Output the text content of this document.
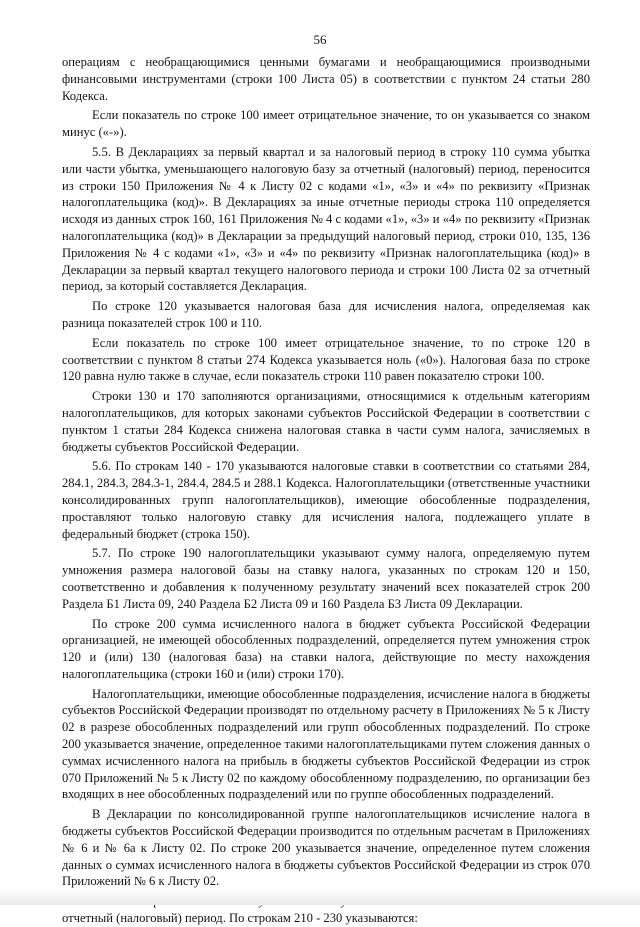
56

операциям с необращающимися ценными бумагами и необращающимися производными финансовыми инструментами (строки 100 Листа 05) в соответствии с пунктом 24 статьи 280 Кодекса.

Если показатель по строке 100 имеет отрицательное значение, то он указывается со знаком минус («-»).

5.5. В Декларациях за первый квартал и за налоговый период в строку 110 сумма убытка или части убытка, уменьшающего налоговую базу за отчетный (налоговый) период, переносится из строки 150 Приложения № 4 к Листу 02 с кодами «1», «3» и «4» по реквизиту «Признак налогоплательщика (код)». В Декларациях за иные отчетные периоды строка 110 определяется исходя из данных строк 160, 161 Приложения № 4 с кодами «1», «3» и «4» по реквизиту «Признак налогоплательщика (код)» в Декларации за предыдущий налоговый период, строки 010, 135, 136 Приложения № 4 с кодами «1», «3» и «4» по реквизиту «Признак налогоплательщика (код)» в Декларации за первый квартал текущего налогового периода и строки 100 Листа 02 за отчетный период, за который составляется Декларация.

По строке 120 указывается налоговая база для исчисления налога, определяемая как разница показателей строк 100 и 110.

Если показатель по строке 100 имеет отрицательное значение, то по строке 120 в соответствии с пунктом 8 статьи 274 Кодекса указывается ноль («0»). Налоговая база по строке 120 равна нулю также в случае, если показатель строки 110 равен показателю строки 100.

Строки 130 и 170 заполняются организациями, относящимися к отдельным категориям налогоплательщиков, для которых законами субъектов Российской Федерации в соответствии с пунктом 1 статьи 284 Кодекса снижена налоговая ставка в части сумм налога, зачисляемых в бюджеты субъектов Российской Федерации.

5.6. По строкам 140 - 170 указываются налоговые ставки в соответствии со статьями 284, 284.1, 284.3, 284.3-1, 284.4, 284.5 и 288.1 Кодекса. Налогоплательщики (ответственные участники консолидированных групп налогоплательщиков), имеющие обособленные подразделения, проставляют только налоговую ставку для исчисления налога, подлежащего уплате в федеральный бюджет (строка 150).

5.7. По строке 190 налогоплательщики указывают сумму налога, определяемую путем умножения размера налоговой базы на ставку налога, указанных по строкам 120 и 150, соответственно и добавления к полученному результату значений всех показателей строк 200 Раздела Б1 Листа 09, 240 Раздела Б2 Листа 09 и 160 Раздела Б3 Листа 09 Декларации.

По строке 200 сумма исчисленного налога в бюджет субъекта Российской Федерации организацией, не имеющей обособленных подразделений, определяется путем умножения строк 120 и (или) 130 (налоговая база) на ставки налога, действующие по месту нахождения налогоплательщика (строки 160 и (или) строки 170).

Налогоплательщики, имеющие обособленные подразделения, исчисление налога в бюджеты субъектов Российской Федерации производят по отдельному расчету в Приложениях № 5 к Листу 02 в разрезе обособленных подразделений или групп обособленных подразделений. По строке 200 указывается значение, определенное такими налогоплательщиками путем сложения данных о суммах исчисленного налога на прибыль в бюджеты субъектов Российской Федерации из строк 070 Приложений № 5 к Листу 02 по каждому обособленному подразделению, по организации без входящих в нее обособленных подразделений или по группе обособленных подразделений.

В Декларации по консолидированной группе налогоплательщиков исчисление налога в бюджеты субъектов Российской Федерации производится по отдельным расчетам в Приложениях № 6 и № 6а к Листу 02. По строке 200 указывается значение, определенное путем сложения данных о суммах исчисленного налога в бюджеты субъектов Российской Федерации из строк 070 Приложений № 6 к Листу 02.

отчетный (налоговый) период. По строкам 210 - 230 указываются:
